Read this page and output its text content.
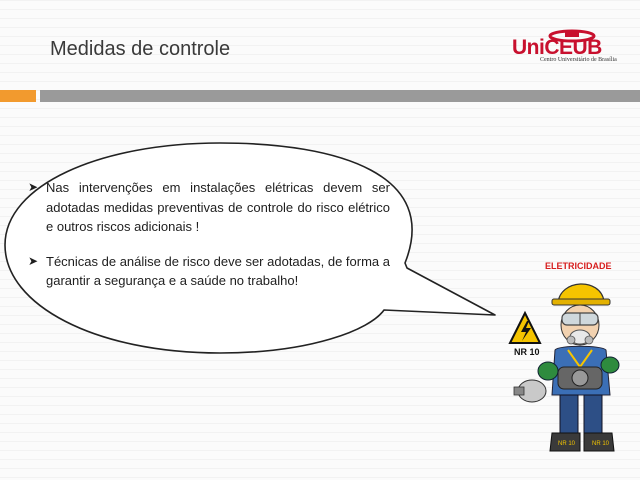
Medidas de controle	UniCEUB
Centro Universitário de Brasília
➤ Nas intervenções em instalações elétricas devem ser adotadas medidas preventivas de controle do risco elétrico e outros riscos adicionais !
➤ Técnicas de análise de risco deve ser adotadas, de forma a garantir a segurança e a saúde no trabalho!
ELETRICIDADE
NR 10
NR 10	NR 10
